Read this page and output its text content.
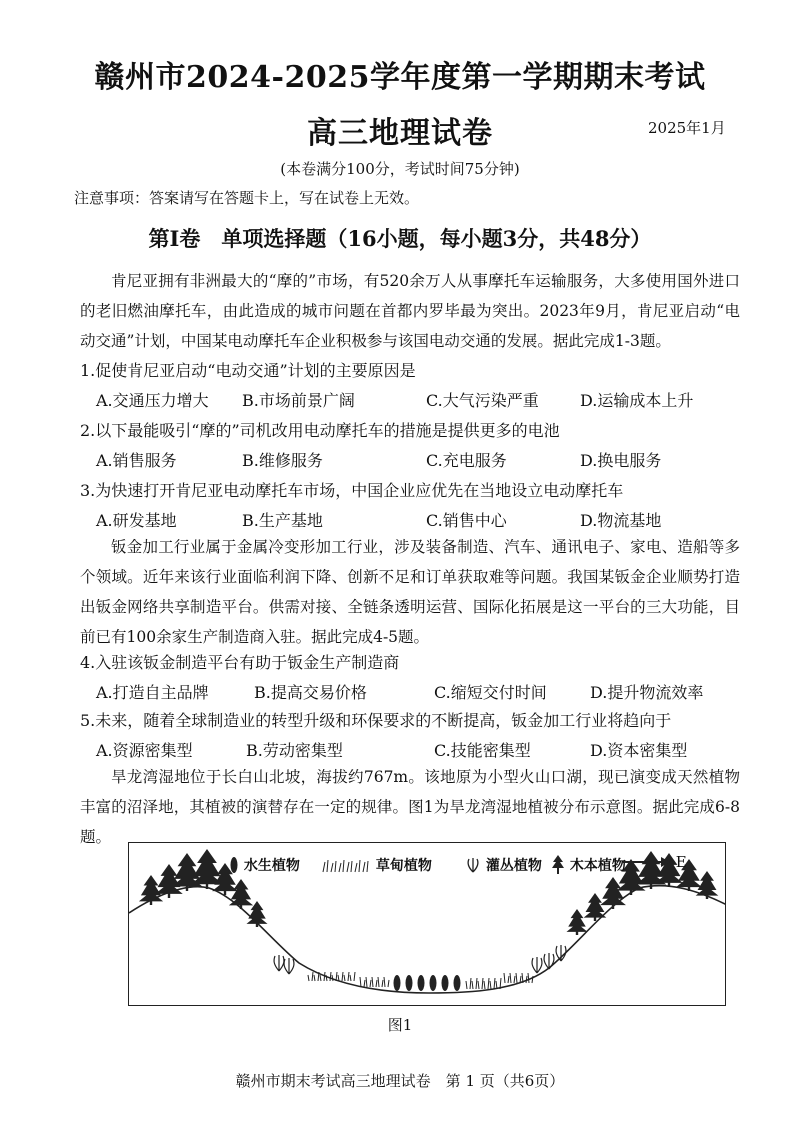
赣州市2024-2025学年度第一学期期末考试
高三地理试卷	2025年1月
(本卷满分100分，考试时间75分钟)
注意事项：答案请写在答题卡上，写在试卷上无效。
第Ⅰ卷　单项选择题（16小题，每小题3分，共48分）
肯尼亚拥有非洲最大的“摩的”市场，有520余万人从事摩托车运输服务，大多使用国外进口的老旧燃油摩托车，由此造成的城市问题在首都内罗毕最为突出。2023年9月，肯尼亚启动“电动交通”计划，中国某电动摩托车企业积极参与该国电动交通的发展。据此完成1-3题。
1.促使肯尼亚启动“电动交通”计划的主要原因是
A.交通压力增大 B.市场前景广阔	C.大气污染严重	D.运输成本上升
2.以下最能吸引“摩的”司机改用电动摩托车的措施是提供更多的电池
A.销售服务	B.维修服务	C.充电服务	D.换电服务
3.为快速打开肯尼亚电动摩托车市场，中国企业应优先在当地设立电动摩托车
A.研发基地	B.生产基地	C.销售中心	D.物流基地
钣金加工行业属于金属冷变形加工行业，涉及装备制造、汽车、通讯电子、家电、造船等多个领域。近年来该行业面临利润下降、创新不足和订单获取难等问题。我国某钣金企业顺势打造出钣金网络共享制造平台。供需对接、全链条透明运营、国际化拓展是这一平台的三大功能，目前已有100余家生产制造商入驻。据此完成4-5题。
4.入驻该钣金制造平台有助于钣金生产制造商
A.打造自主品牌	B.提高交易价格	C.缩短交付时间	D.提升物流效率
5.未来，随着全球制造业的转型升级和环保要求的不断提高，钣金加工行业将趋向于
A.资源密集型	B.劳动密集型	C.技能密集型	D.资本密集型
旱龙湾湿地位于长白山北坡，海拔约767m。该地原为小型火山口湖，现已演变成天然植物丰富的沼泽地，其植被的演替存在一定的规律。图1为旱龙湾湿地植被分布示意图。据此完成6-8题。
水生植物	草甸植物	灌丛植物	木本植物	E
图1
赣州市期末考试高三地理试卷　第 1 页（共6页）
